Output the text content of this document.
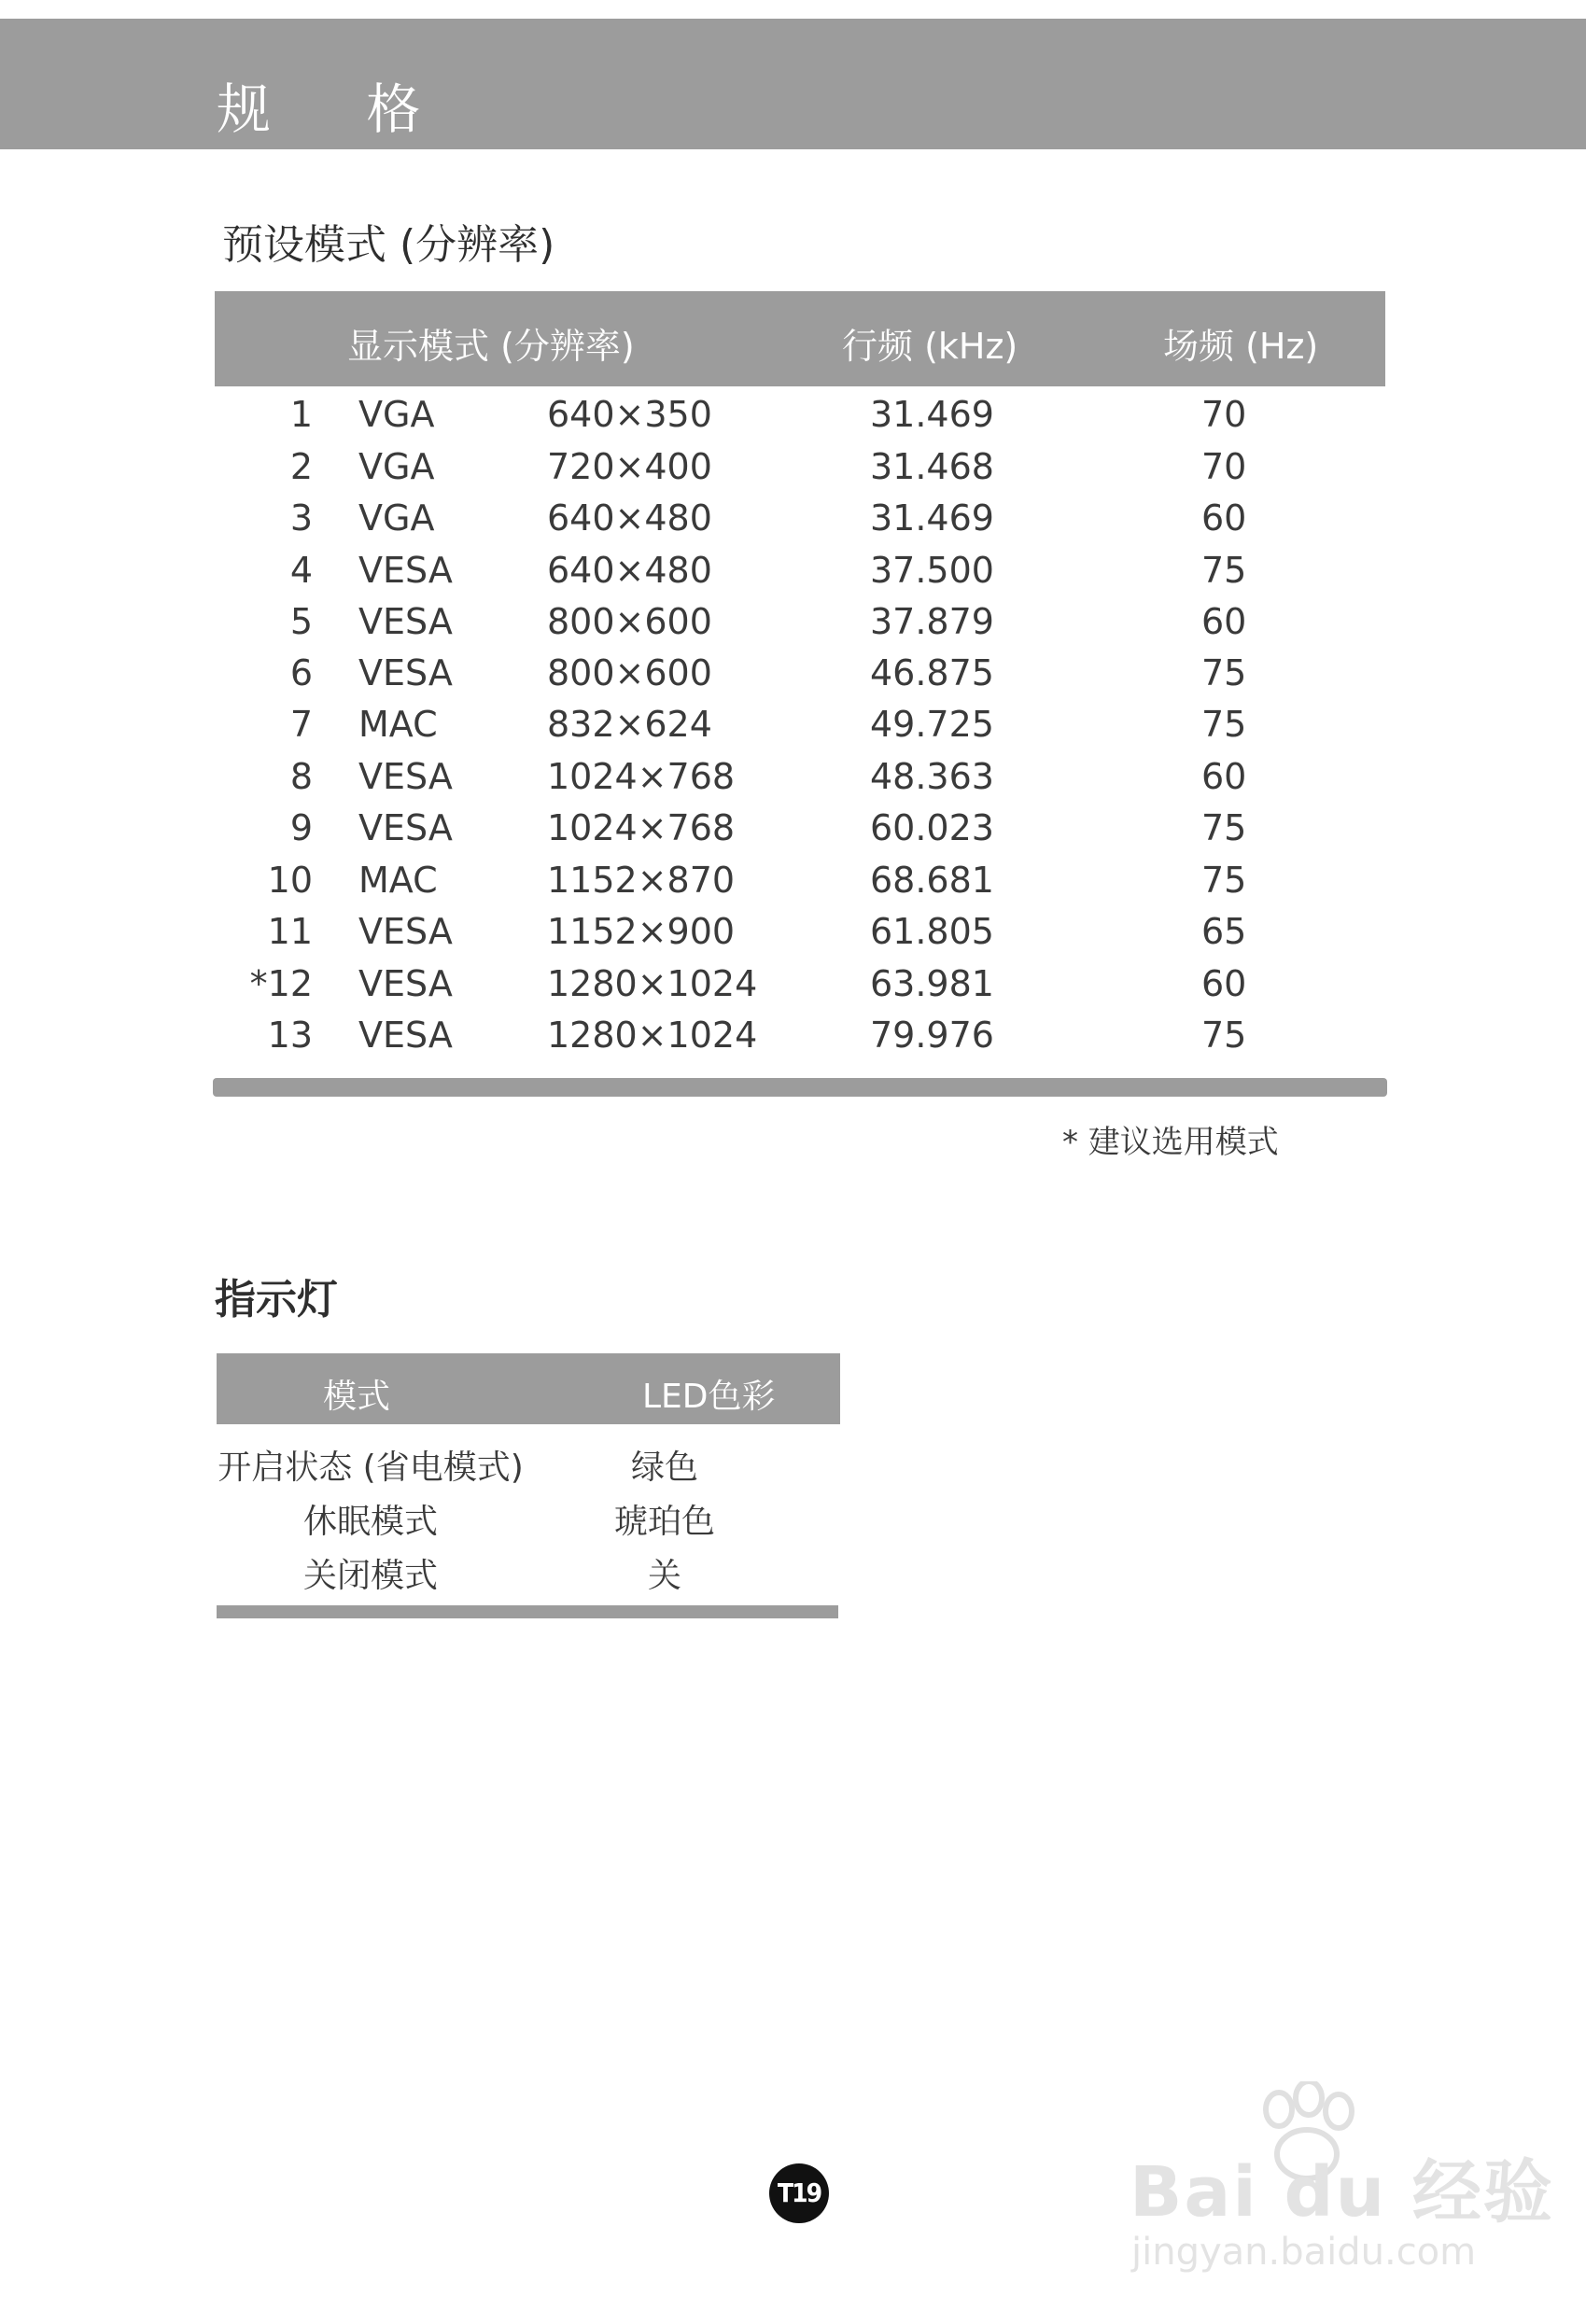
规 格
预设模式 (分辨率)
显示模式 (分辨率)	行频 (kHz)	场频 (Hz)
1 VGA	640×350	31.469	70
2 VGA	720×400	31.468	70
3 VGA	640×480	31.469	60
4 VESA	640×480	37.500	75
5 VESA	800×600	37.879	60
6 VESA	800×600	46.875	75
7 MAC	832×624	49.725	75
8 VESA	1024×768	48.363	60
9 VESA	1024×768	60.023	75
10 MAC	1152×870	68.681	75
11 VESA	1152×900	61.805	65
*12 VESA	1280×1024	63.981	60
13 VESA	1280×1024	79.976	75
* 建议选用模式
指示灯
模式	LED色彩
开启状态 (省电模式)	绿色
休眠模式	琥珀色
关闭模式	关
T19	Bai du 经验
jingyan.baidu.com
